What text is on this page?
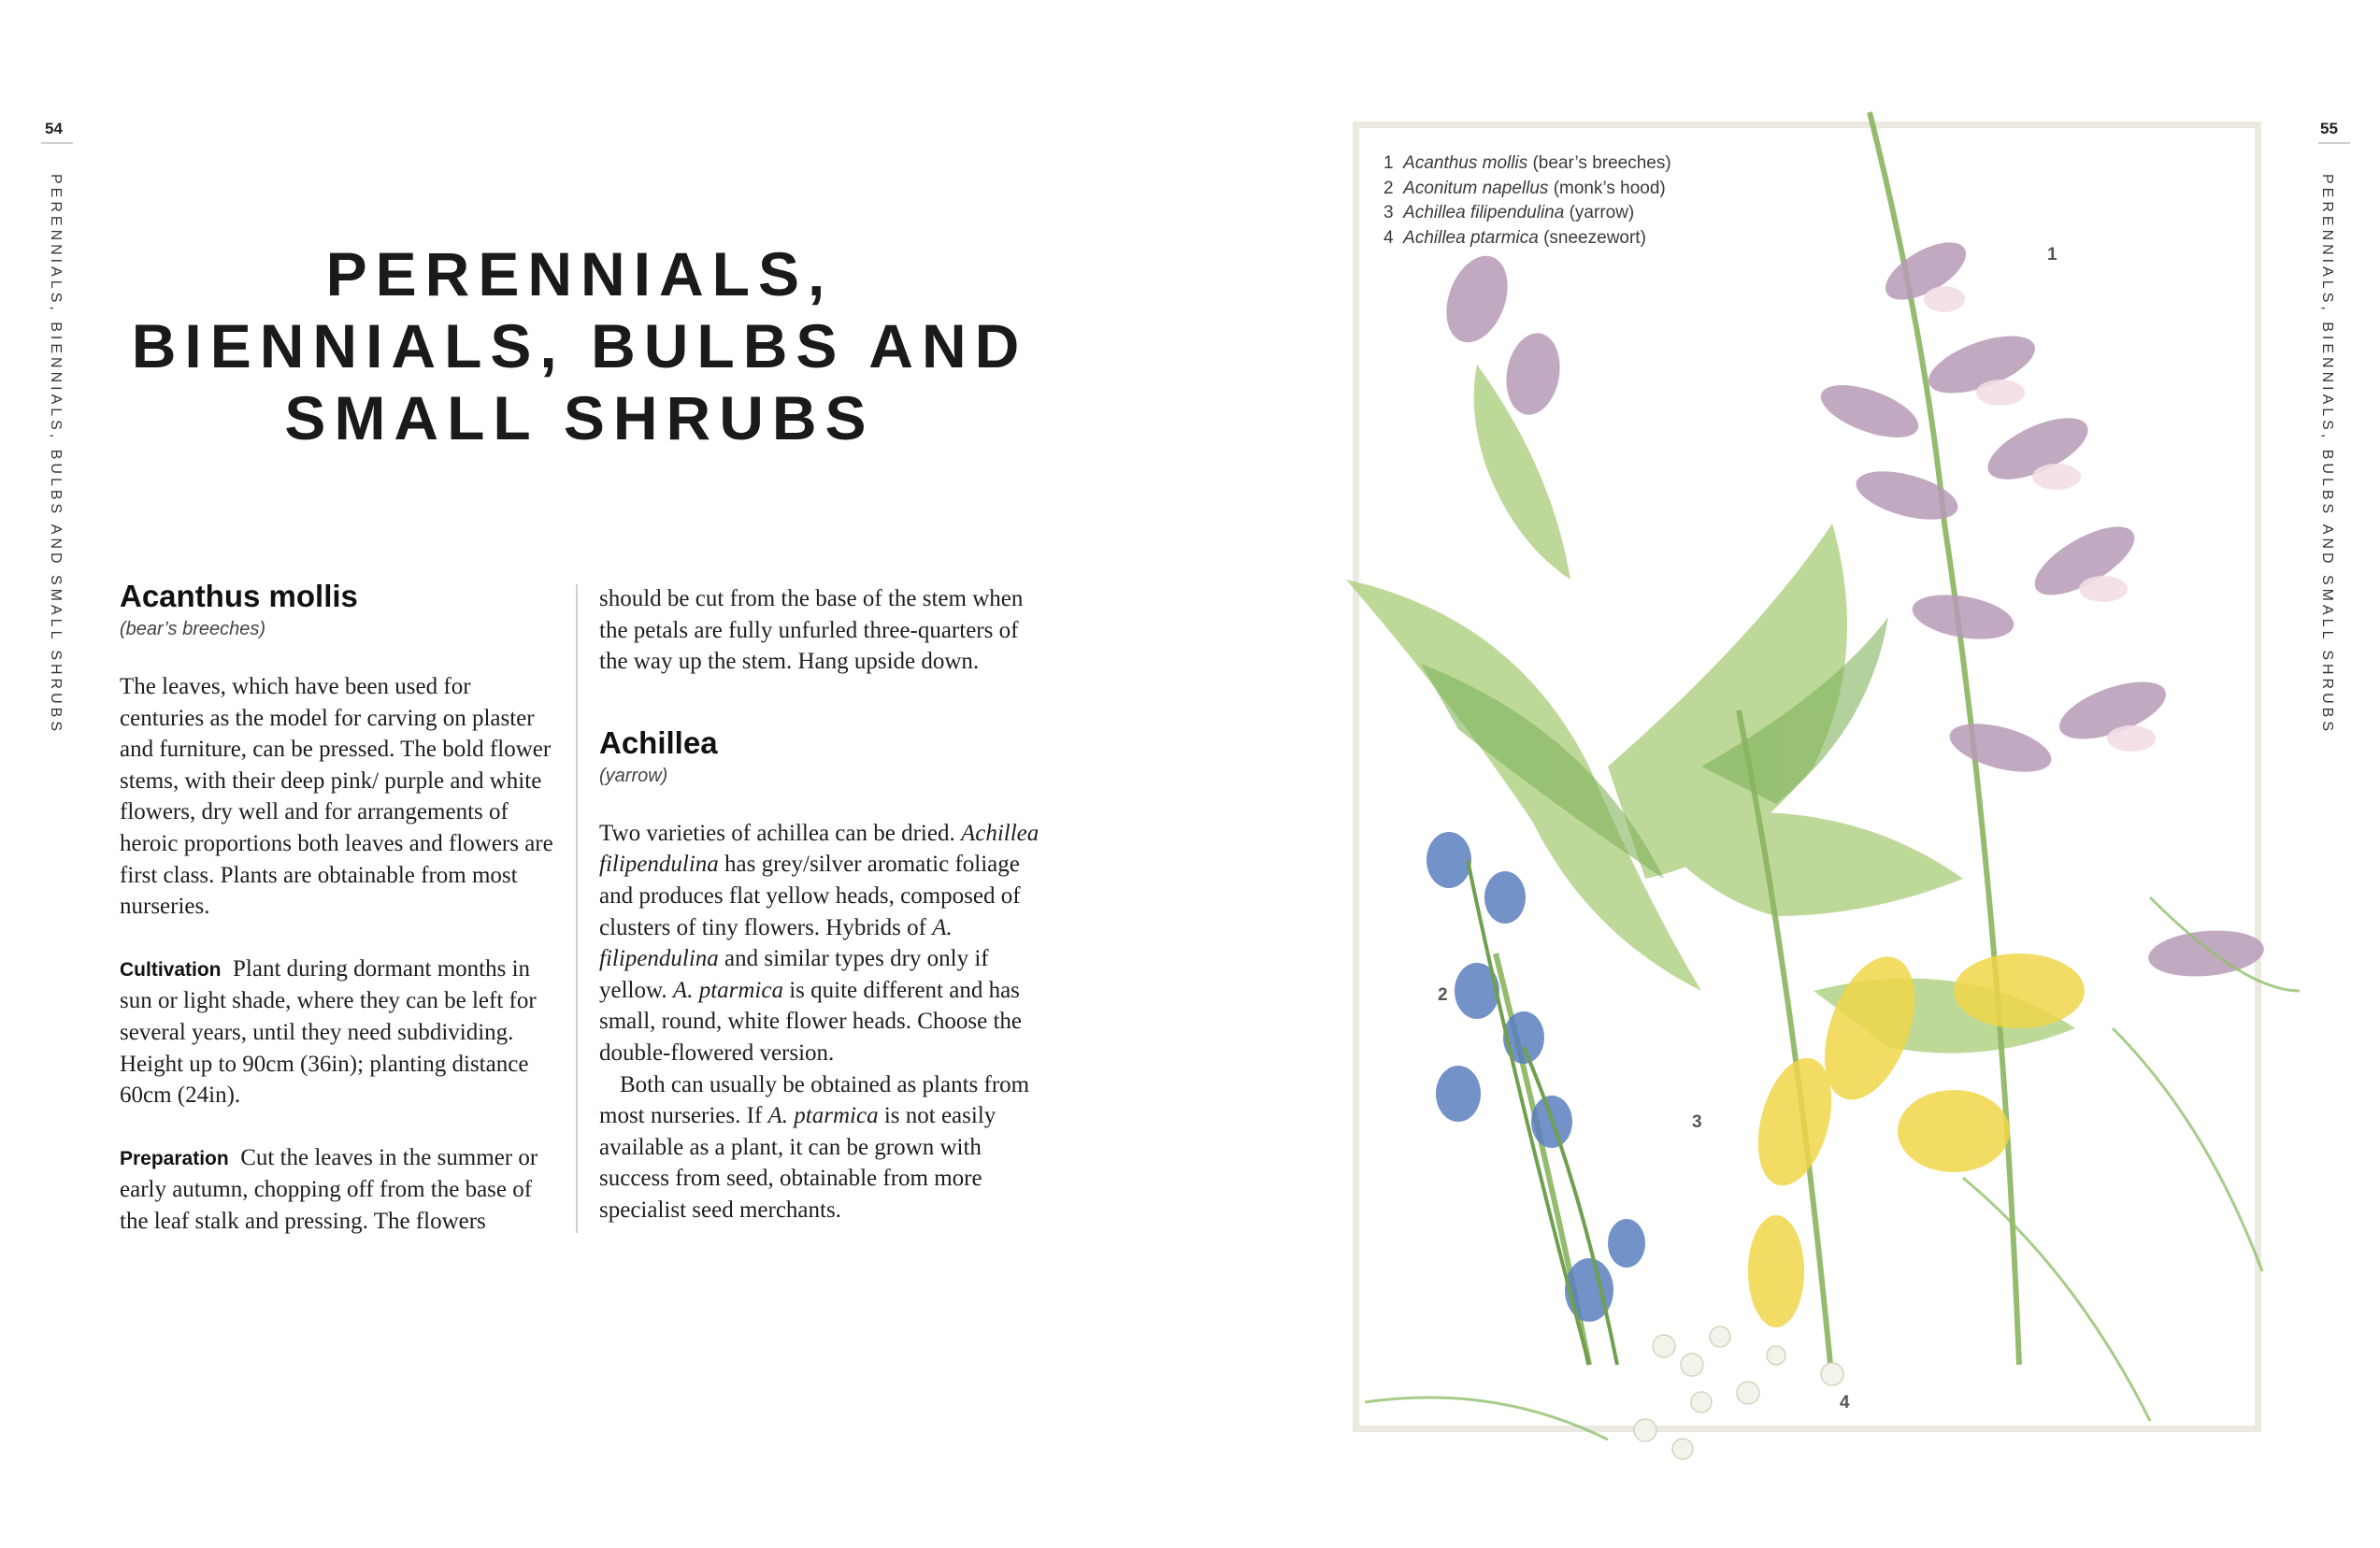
54
PERENNIALS, BIENNIALS, BULBS AND SMALL SHRUBS	PERENNIALS,
BIENNIALS, BULBS AND
SMALL SHRUBS
Acanthus mollis
(bear’s breeches)

The leaves, which have been used for centuries as the model for carving on plaster and furniture, can be pressed. The bold flower stems, with their deep pink/ purple and white flowers, dry well and for arrangements of heroic proportions both leaves and flowers are first class. Plants are obtainable from most nurseries.

Cultivation Plant during dormant months in sun or light shade, where they can be left for several years, until they need subdividing. Height up to 90cm (36in); planting distance 60cm (24in).

Preparation Cut the leaves in the summer or early autumn, chopping off from the base of the leaf stalk and pressing. The flowers

should be cut from the base of the stem when the petals are fully unfurled three-quarters of the way up the stem. Hang upside down.

Achillea
(yarrow)

Two varieties of achillea can be dried. Achillea filipendulina has grey/silver aromatic foliage and produces flat yellow heads, composed of clusters of tiny flowers. Hybrids of A. filipendulina and similar types dry only if yellow. A. ptarmica is quite different and has small, round, white flower heads. Choose the double-flowered version.

Both can usually be obtained as plants from most nurseries. If A. ptarmica is not easily available as a plant, it can be grown with success from seed, obtainable from more specialist seed merchants.

55
PERENNIALS, BIENNIALS, BULBS AND SMALL SHRUBS
1 Acanthus mollis (bear’s breeches)
2 Aconitum napellus (monk’s hood)
3 Achillea filipendulina (yarrow)
4 Achillea ptarmica (sneezewort)
1
2
3
4
